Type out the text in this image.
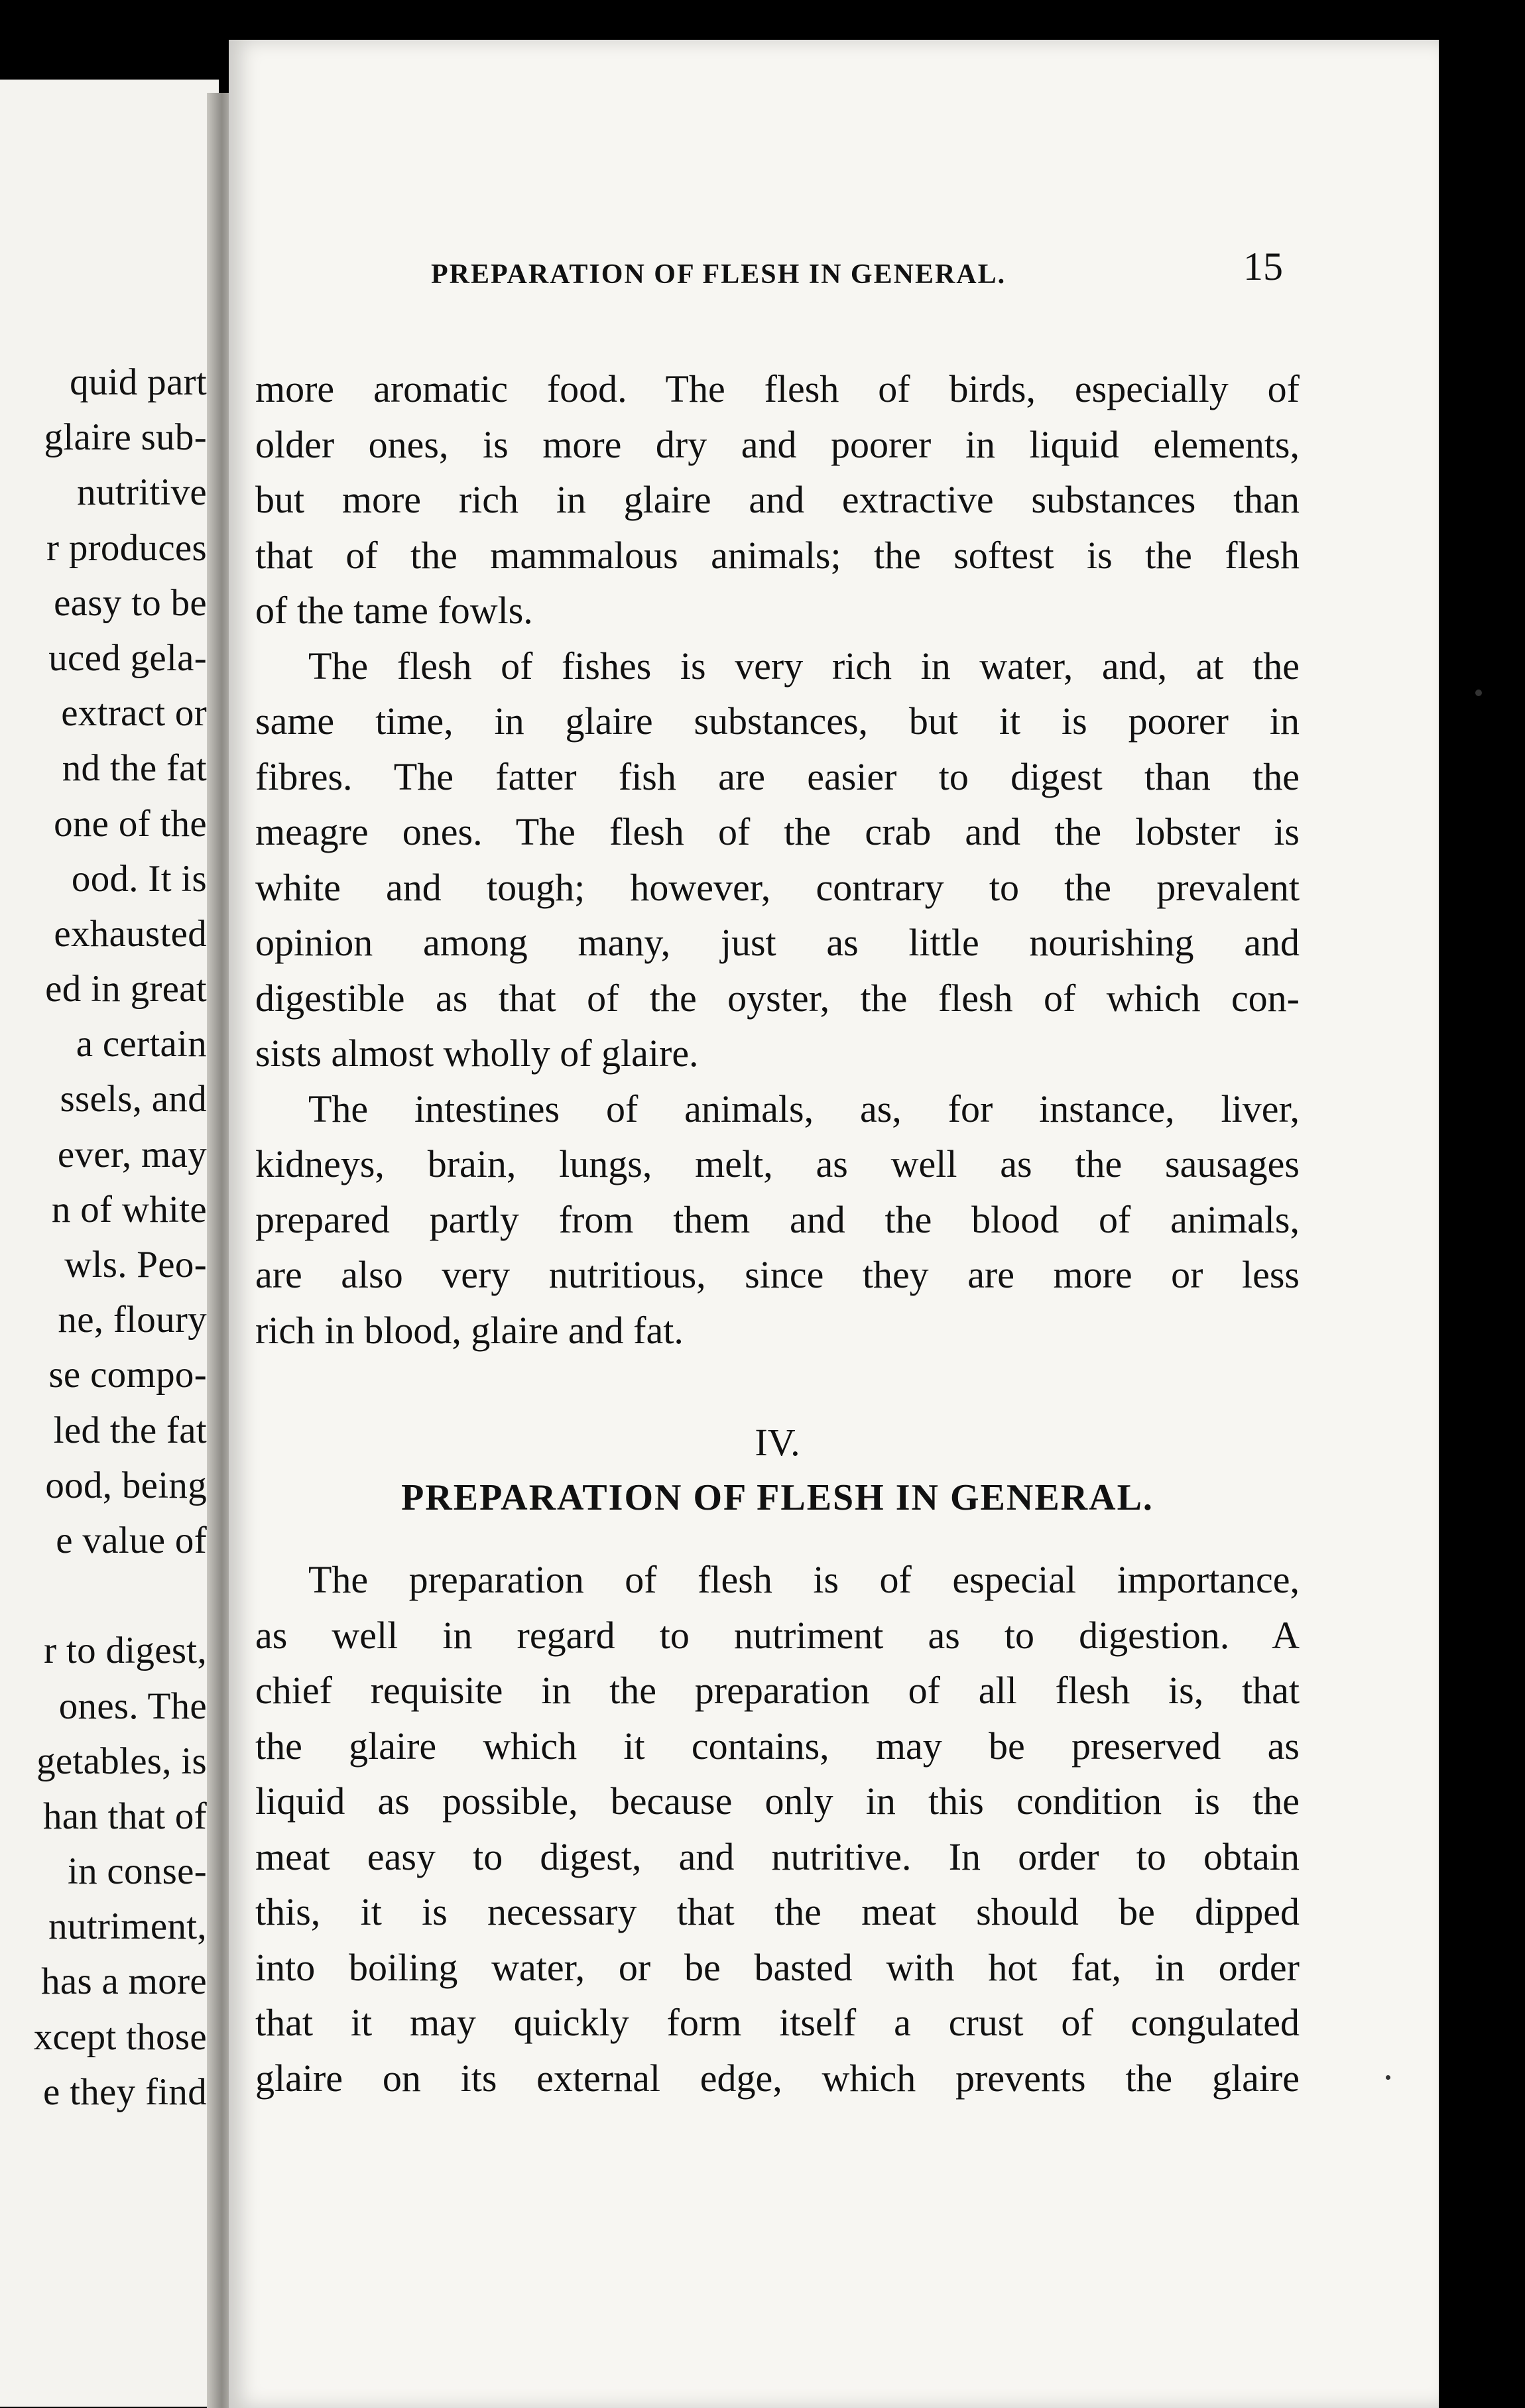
quid part
glaire sub-
nutritive
r produces
easy to be
uced gela-
extract or
nd the fat
one of the
ood. It is
exhausted
ed in great
a certain
ssels, and
ever, may
n of white
wls. Peo-
ne, floury
se compo-
led the fat
ood, being
e value of
r to digest,
ones. The
getables, is
han that of
in conse-
nutriment,
has a more
xcept those
e they find
PREPARATION OF FLESH IN GENERAL.	15
more aromatic food. The flesh of birds, especially of
older ones, is more dry and poorer in liquid elements,
but more rich in glaire and extractive substances than
that of the mammalous animals; the softest is the flesh
of the tame fowls.
The flesh of fishes is very rich in water, and, at the
same time, in glaire substances, but it is poorer in
fibres. The fatter fish are easier to digest than the
meagre ones. The flesh of the crab and the lobster is
white and tough; however, contrary to the prevalent
opinion among many, just as little nourishing and
digestible as that of the oyster, the flesh of which con-
sists almost wholly of glaire.
The intestines of animals, as, for instance, liver,
kidneys, brain, lungs, melt, as well as the sausages
prepared partly from them and the blood of animals,
are also very nutritious, since they are more or less
rich in blood, glaire and fat.
IV.
PREPARATION OF FLESH IN GENERAL.
The preparation of flesh is of especial importance,
as well in regard to nutriment as to digestion. A
chief requisite in the preparation of all flesh is, that
the glaire which it contains, may be preserved as
liquid as possible, because only in this condition is the
meat easy to digest, and nutritive. In order to obtain
this, it is necessary that the meat should be dipped
into boiling water, or be basted with hot fat, in order
that it may quickly form itself a crust of congulated
glaire on its external edge, which prevents the glaire
